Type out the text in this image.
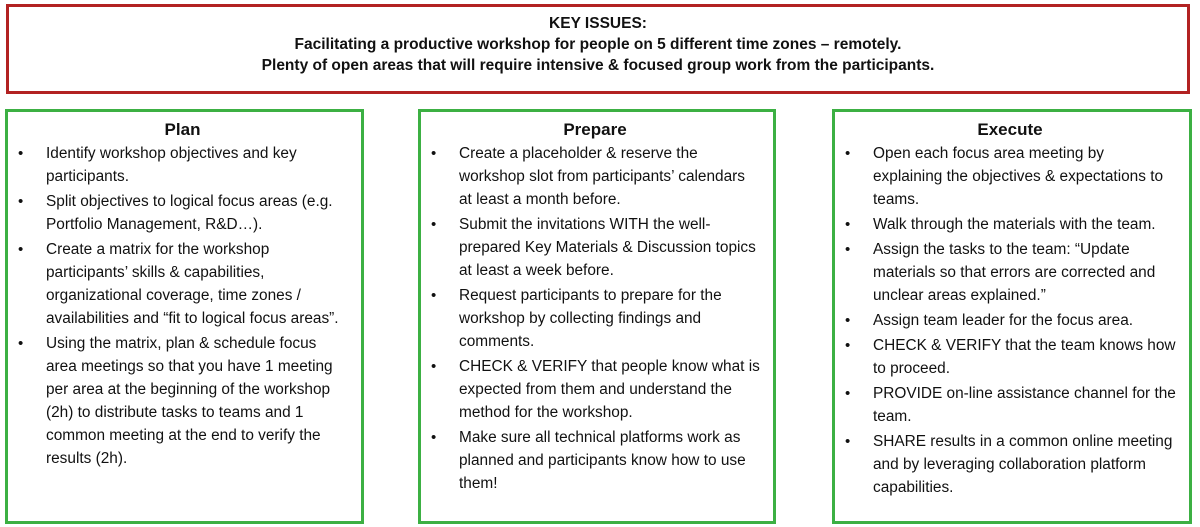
KEY ISSUES:
Facilitating a productive workshop for people on 5 different time zones – remotely.
Plenty of open areas that will require intensive & focused group work from the participants.
Plan
• Identify workshop objectives and key participants.
• Split objectives to logical focus areas (e.g. Portfolio Management, R&D…).
• Create a matrix for the workshop participants’ skills & capabilities, organizational coverage, time zones / availabilities and “fit to logical focus areas”.
• Using the matrix, plan & schedule focus area meetings so that you have 1 meeting per area at the beginning of the workshop (2h) to distribute tasks to teams and 1 common meeting at the end to verify the results (2h).
Prepare
• Create a placeholder & reserve the workshop slot from participants’ calendars at least a month before.
• Submit the invitations WITH the well-prepared Key Materials & Discussion topics at least a week before.
• Request participants to prepare for the workshop by collecting findings and comments.
• CHECK & VERIFY that people know what is expected from them and understand the method for the workshop.
• Make sure all technical platforms work as planned and participants know how to use them!
Execute
• Open each focus area meeting by explaining the objectives & expectations to teams.
• Walk through the materials with the team.
• Assign the tasks to the team: “Update materials so that errors are corrected and unclear areas explained.”
• Assign team leader for the focus area.
• CHECK & VERIFY that the team knows how to proceed.
• PROVIDE on-line assistance channel for the team.
• SHARE results in a common online meeting and by leveraging collaboration platform capabilities.
